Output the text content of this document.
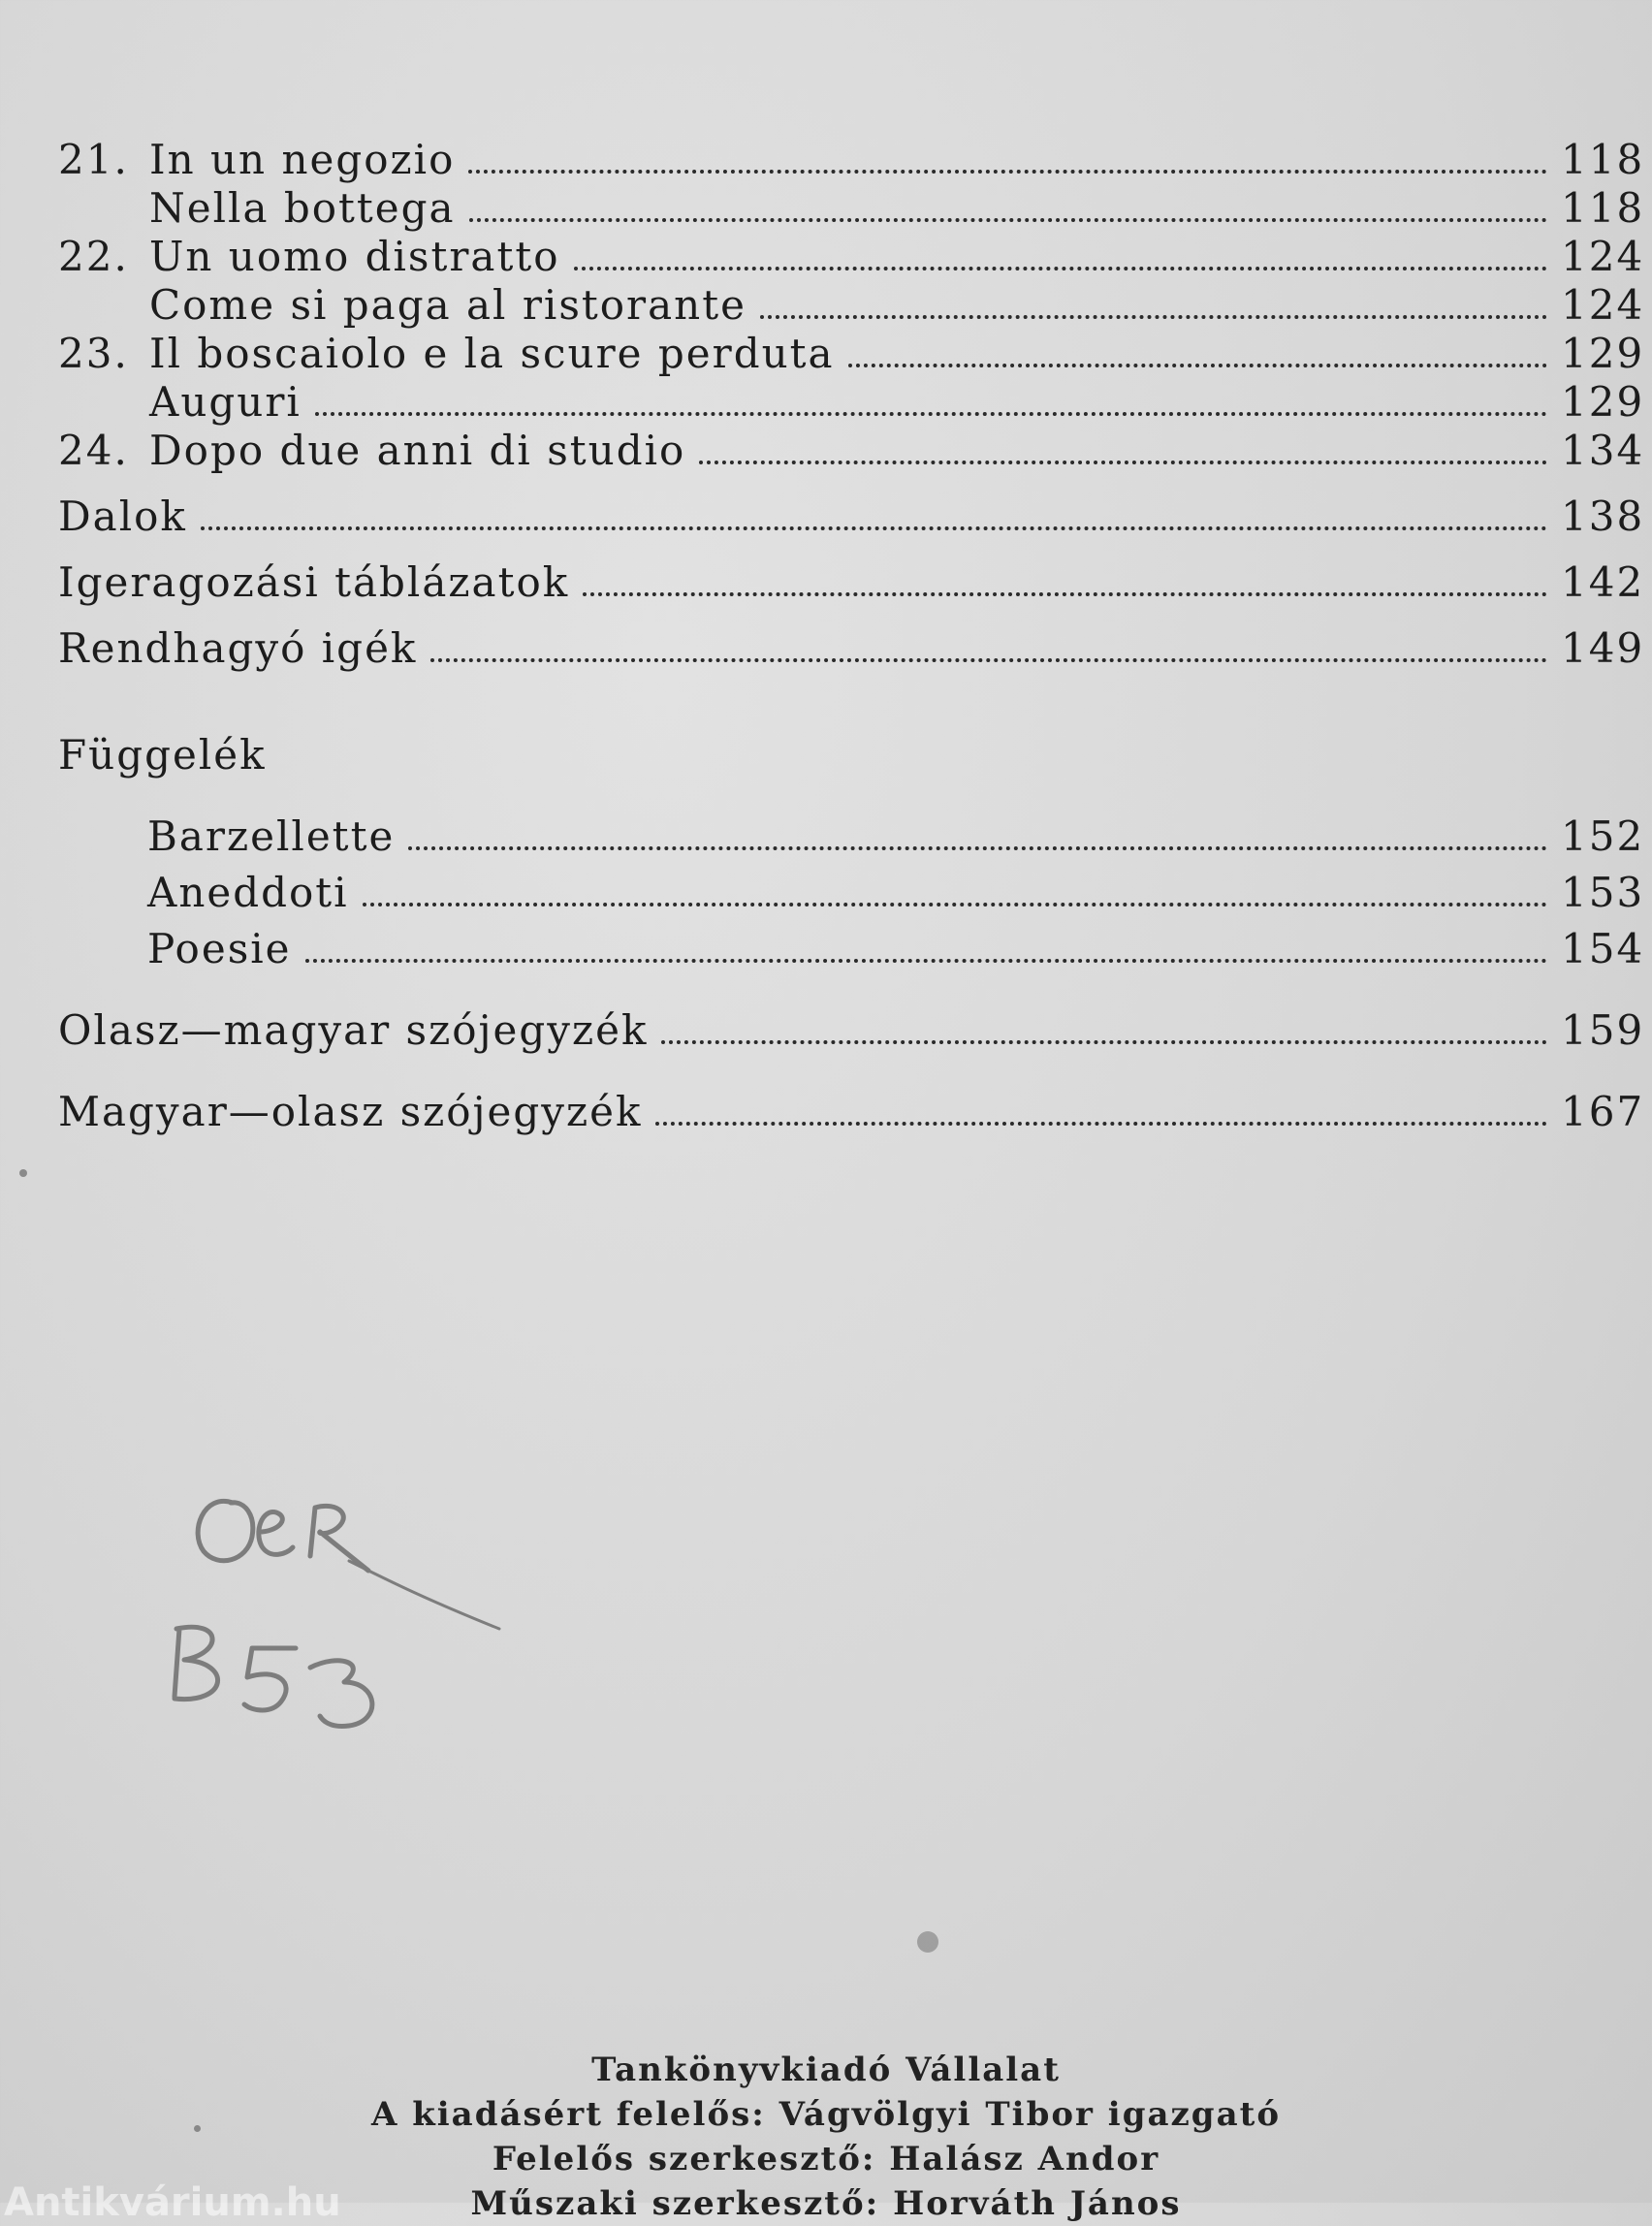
21. In un negozio	118
Nella bottega	118
22. Un uomo distratto	124
Come si paga al ristorante	124
23. Il boscaiolo e la scure perduta	129
Auguri	129
24. Dopo due anni di studio	134
Dalok	138
Igeragozási táblázatok	142
Rendhagyó igék	149
Függelék
Barzellette	152
Aneddoti	153
Poesie	154
Olasz—magyar szójegyzék	159
Magyar—olasz szójegyzék	167
Tankönyvkiadó Vállalat
A kiadásért felelős: Vágvölgyi Tibor igazgató
Felelős szerkesztő: Halász Andor
Műszaki szerkesztő: Horváth János
Antikvárium.hu
